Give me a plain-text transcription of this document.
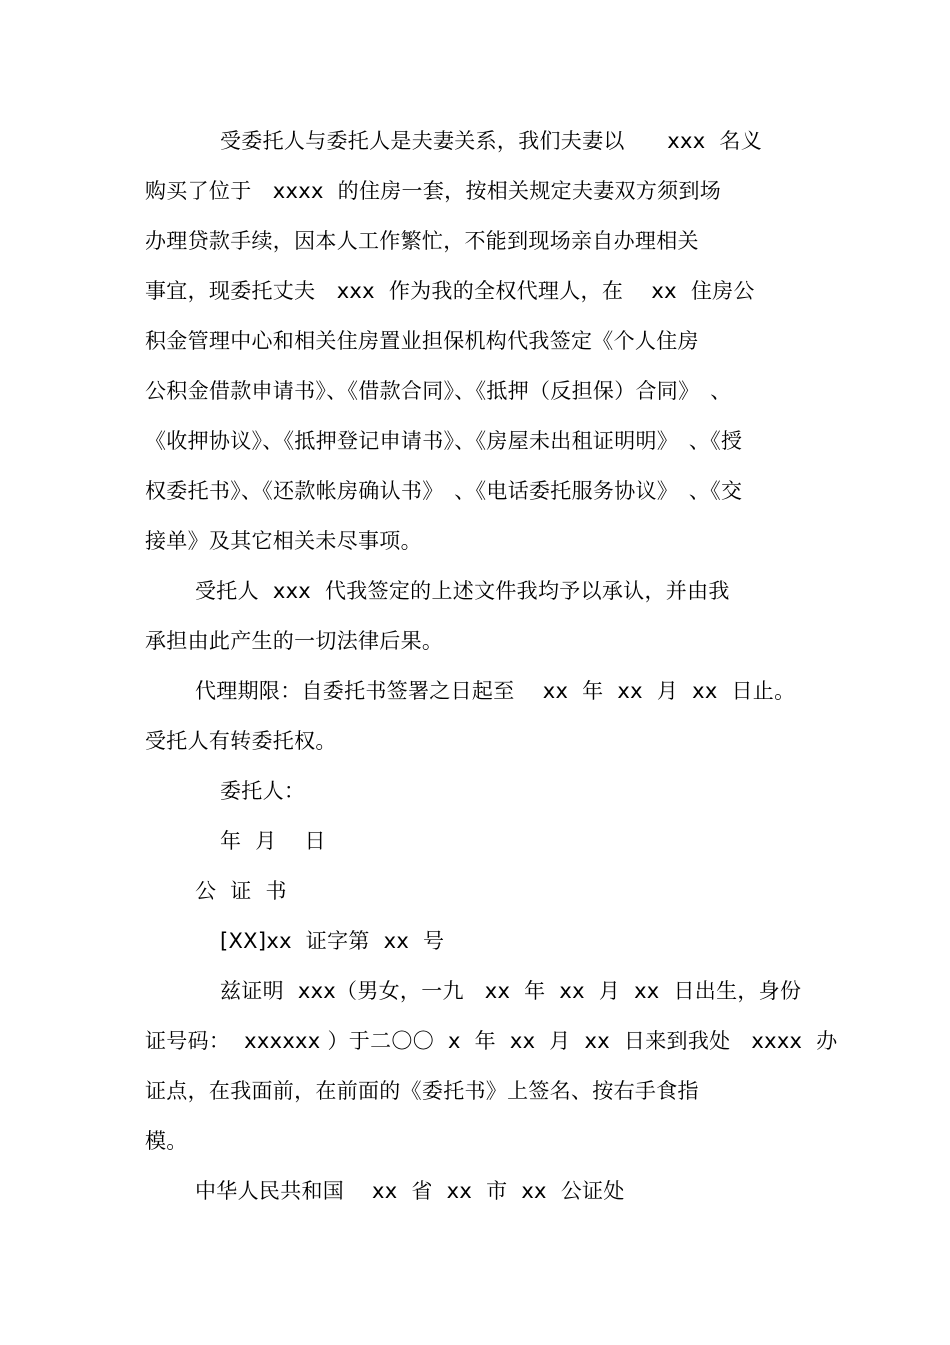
受委托人与委托人是夫妻关系，我们夫妻以　　xxx  名义
购买了位于　xxxx  的住房一套，按相关规定夫妻双方须到场
办理贷款手续，因本人工作繁忙，不能到现场亲自办理相关
事宜，现委托丈夫　xxx  作为我的全权代理人，在　 xx  住房公
积金管理中心和相关住房置业担保机构代我签定《个人住房
公积金借款申请书》、《借款合同》、《抵押（反担保）合同》　、
《收押协议》、《抵押登记申请书》、《房屋未出租证明明》　、《授
权委托书》、《还款帐房确认书》　、《电话委托服务协议》　、《交
接单》及其它相关未尽事项。
受托人  xxx  代我签定的上述文件我均予以承认，并由我
承担由此产生的一切法律后果。
代理期限：自委托书签署之日起至　 xx  年  xx  月  xx  日止。
受托人有转委托权。
委托人：
年  月    日
公  证  书
[XX]xx  证字第  xx  号
兹证明  xxx（男女，一九   xx  年  xx  月  xx  日出生，身份
证号码：  xxxxxx ）于二〇〇  x  年  xx  月  xx  日来到我处   xxxx  办
证点，在我面前，在前面的《委托书》上签名、按右手食指
模。
中华人民共和国    xx  省  xx  市  xx  公证处
